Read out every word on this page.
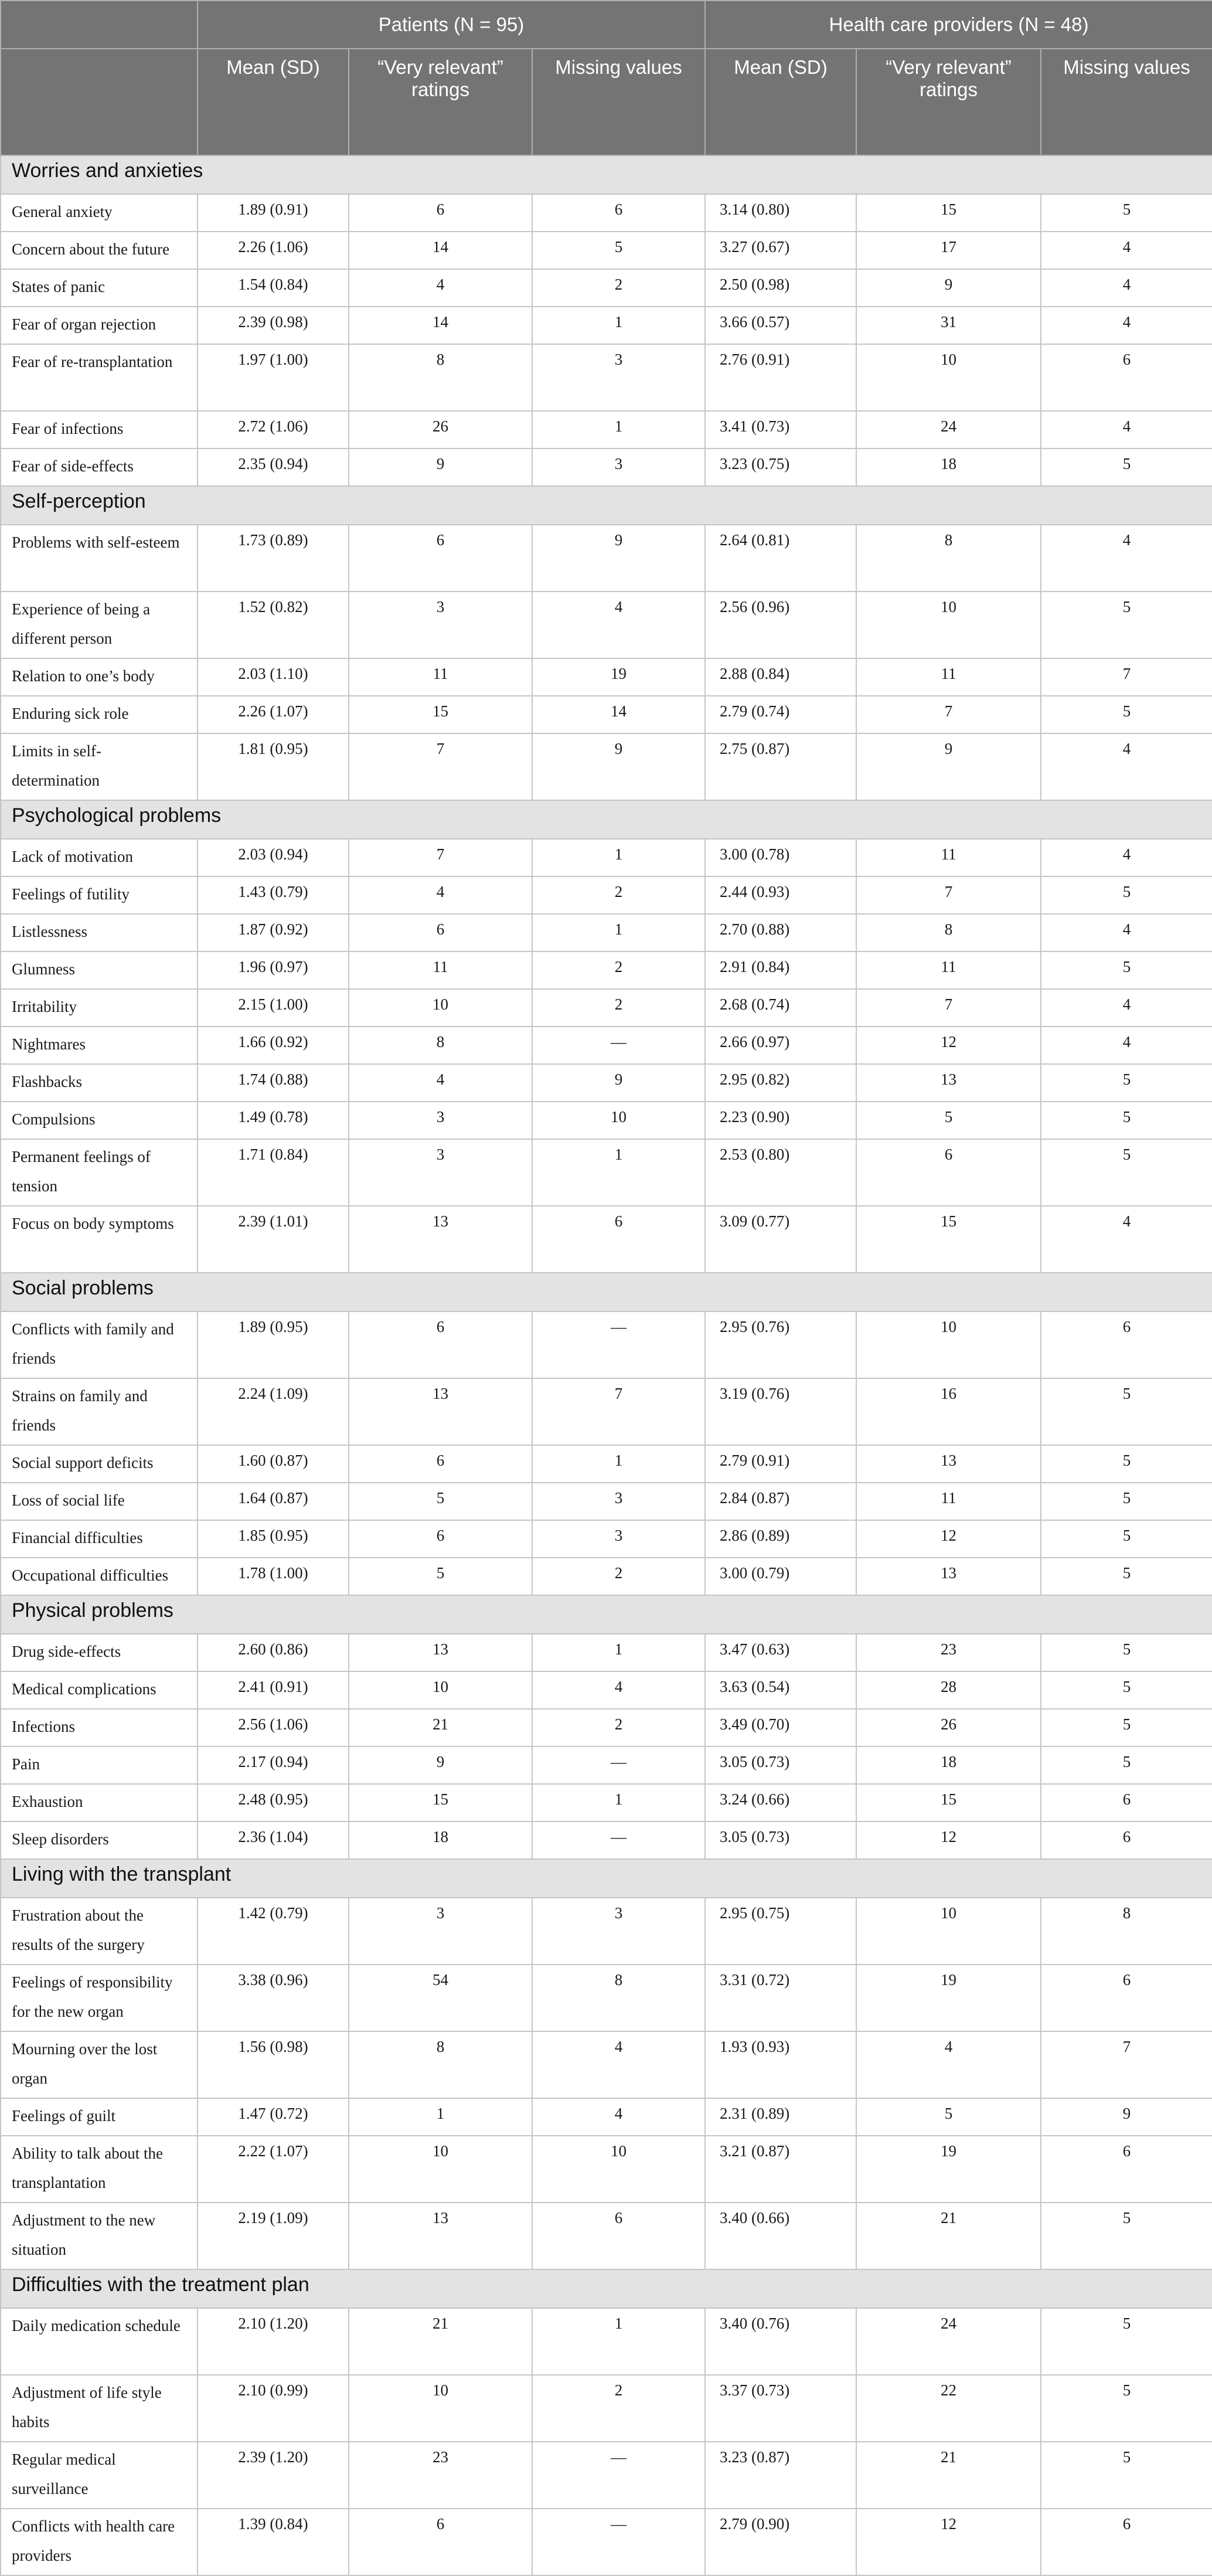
	Patients (N = 95)			Health care providers (N = 48)		
	Mean (SD)	“Very relevant” ratings	Missing values	Mean (SD)	“Very relevant” ratings	Missing values
Worries and anxieties						
General anxiety	1.89 (0.91)	6	6	3.14 (0.80)	15	5
Concern about the future	2.26 (1.06)	14	5	3.27 (0.67)	17	4
States of panic	1.54 (0.84)	4	2	2.50 (0.98)	9	4
Fear of organ rejection	2.39 (0.98)	14	1	3.66 (0.57)	31	4
Fear of re-transplantation	1.97 (1.00)	8	3	2.76 (0.91)	10	6
Fear of infections	2.72 (1.06)	26	1	3.41 (0.73)	24	4
Fear of side-effects	2.35 (0.94)	9	3	3.23 (0.75)	18	5
Self-perception						
Problems with self-esteem	1.73 (0.89)	6	9	2.64 (0.81)	8	4
Experience of being a different person	1.52 (0.82)	3	4	2.56 (0.96)	10	5
Relation to one’s body	2.03 (1.10)	11	19	2.88 (0.84)	11	7
Enduring sick role	2.26 (1.07)	15	14	2.79 (0.74)	7	5
Limits in self-determination	1.81 (0.95)	7	9	2.75 (0.87)	9	4
Psychological problems						
Lack of motivation	2.03 (0.94)	7	1	3.00 (0.78)	11	4
Feelings of futility	1.43 (0.79)	4	2	2.44 (0.93)	7	5
Listlessness	1.87 (0.92)	6	1	2.70 (0.88)	8	4
Glumness	1.96 (0.97)	11	2	2.91 (0.84)	11	5
Irritability	2.15 (1.00)	10	2	2.68 (0.74)	7	4
Nightmares	1.66 (0.92)	8	—	2.66 (0.97)	12	4
Flashbacks	1.74 (0.88)	4	9	2.95 (0.82)	13	5
Compulsions	1.49 (0.78)	3	10	2.23 (0.90)	5	5
Permanent feelings of tension	1.71 (0.84)	3	1	2.53 (0.80)	6	5
Focus on body symptoms	2.39 (1.01)	13	6	3.09 (0.77)	15	4
Social problems						
Conflicts with family and friends	1.89 (0.95)	6	—	2.95 (0.76)	10	6
Strains on family and friends	2.24 (1.09)	13	7	3.19 (0.76)	16	5
Social support deficits	1.60 (0.87)	6	1	2.79 (0.91)	13	5
Loss of social life	1.64 (0.87)	5	3	2.84 (0.87)	11	5
Financial difficulties	1.85 (0.95)	6	3	2.86 (0.89)	12	5
Occupational difficulties	1.78 (1.00)	5	2	3.00 (0.79)	13	5
Physical problems						
Drug side-effects	2.60 (0.86)	13	1	3.47 (0.63)	23	5
Medical complications	2.41 (0.91)	10	4	3.63 (0.54)	28	5
Infections	2.56 (1.06)	21	2	3.49 (0.70)	26	5
Pain	2.17 (0.94)	9	—	3.05 (0.73)	18	5
Exhaustion	2.48 (0.95)	15	1	3.24 (0.66)	15	6
Sleep disorders	2.36 (1.04)	18	—	3.05 (0.73)	12	6
Living with the transplant						
Frustration about the results of the surgery	1.42 (0.79)	3	3	2.95 (0.75)	10	8
Feelings of responsibility for the new organ	3.38 (0.96)	54	8	3.31 (0.72)	19	6
Mourning over the lost organ	1.56 (0.98)	8	4	1.93 (0.93)	4	7
Feelings of guilt	1.47 (0.72)	1	4	2.31 (0.89)	5	9
Ability to talk about the transplantation	2.22 (1.07)	10	10	3.21 (0.87)	19	6
Adjustment to the new situation	2.19 (1.09)	13	6	3.40 (0.66)	21	5
Difficulties with the treatment plan						
Daily medication schedule	2.10 (1.20)	21	1	3.40 (0.76)	24	5
Adjustment of life style habits	2.10 (0.99)	10	2	3.37 (0.73)	22	5
Regular medical surveillance	2.39 (1.20)	23	—	3.23 (0.87)	21	5
Conflicts with health care providers	1.39 (0.84)	6	—	2.79 (0.90)	12	6
